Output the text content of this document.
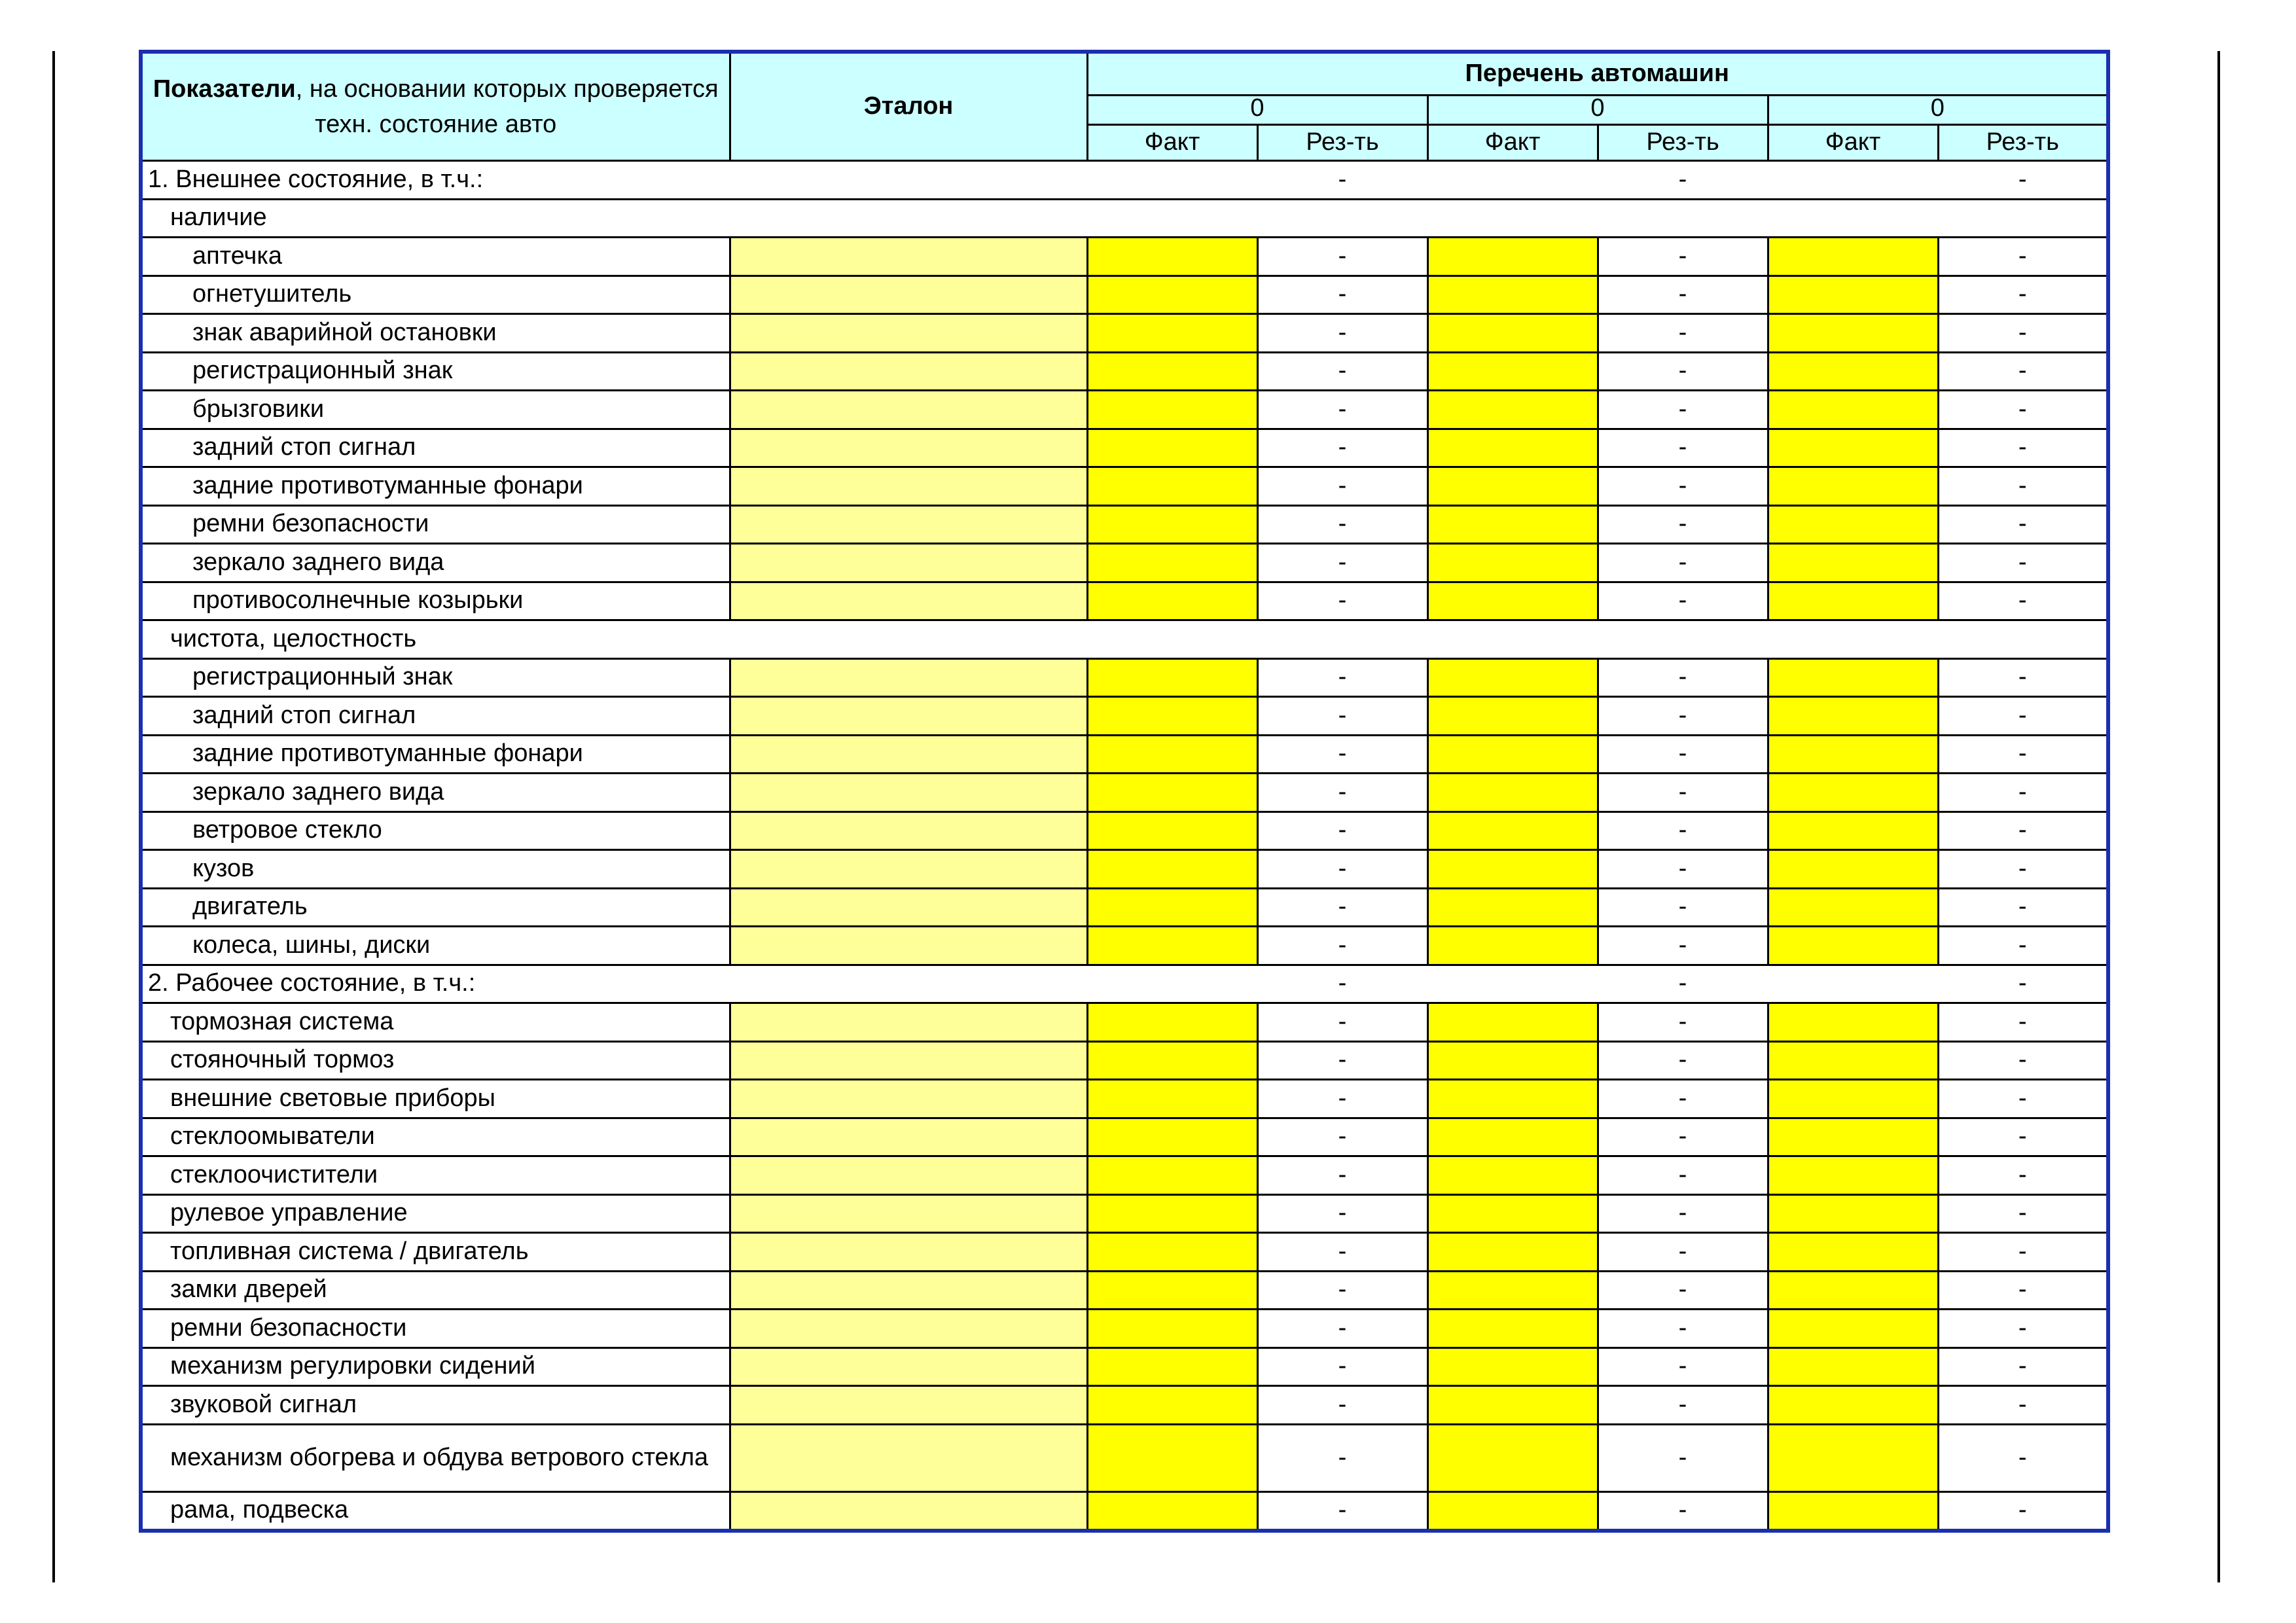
Показатели, на основании которых проверяется техн. состояние авто	Эталон	Перечень автомашин					
		0		0		0	
		Факт	Рез-ть	Факт	Рез-ть	Факт	Рез-ть
1. Внешнее состояние, в т.ч.:			-		-		-
наличие							
аптечка			-		-		-
огнетушитель			-		-		-
знак аварийной остановки			-		-		-
регистрационный знак			-		-		-
брызговики			-		-		-
задний стоп сигнал			-		-		-
задние противотуманные фонари			-		-		-
ремни безопасности			-		-		-
зеркало заднего вида			-		-		-
противосолнечные козырьки			-		-		-
чистота, целостность							
регистрационный знак			-		-		-
задний стоп сигнал			-		-		-
задние противотуманные фонари			-		-		-
зеркало заднего вида			-		-		-
ветровое стекло			-		-		-
кузов			-		-		-
двигатель			-		-		-
колеса, шины, диски			-		-		-
2. Рабочее состояние, в т.ч.:			-		-		-
тормозная система			-		-		-
стояночный тормоз			-		-		-
внешние световые приборы			-		-		-
стеклоомыватели			-		-		-
стеклоочистители			-		-		-
рулевое управление			-		-		-
топливная система / двигатель			-		-		-
замки дверей			-		-		-
ремни безопасности			-		-		-
механизм регулировки сидений			-		-		-
звуковой сигнал			-		-		-
механизм обогрева и обдува ветрового стекла			-		-		-
рама, подвеска			-		-		-
